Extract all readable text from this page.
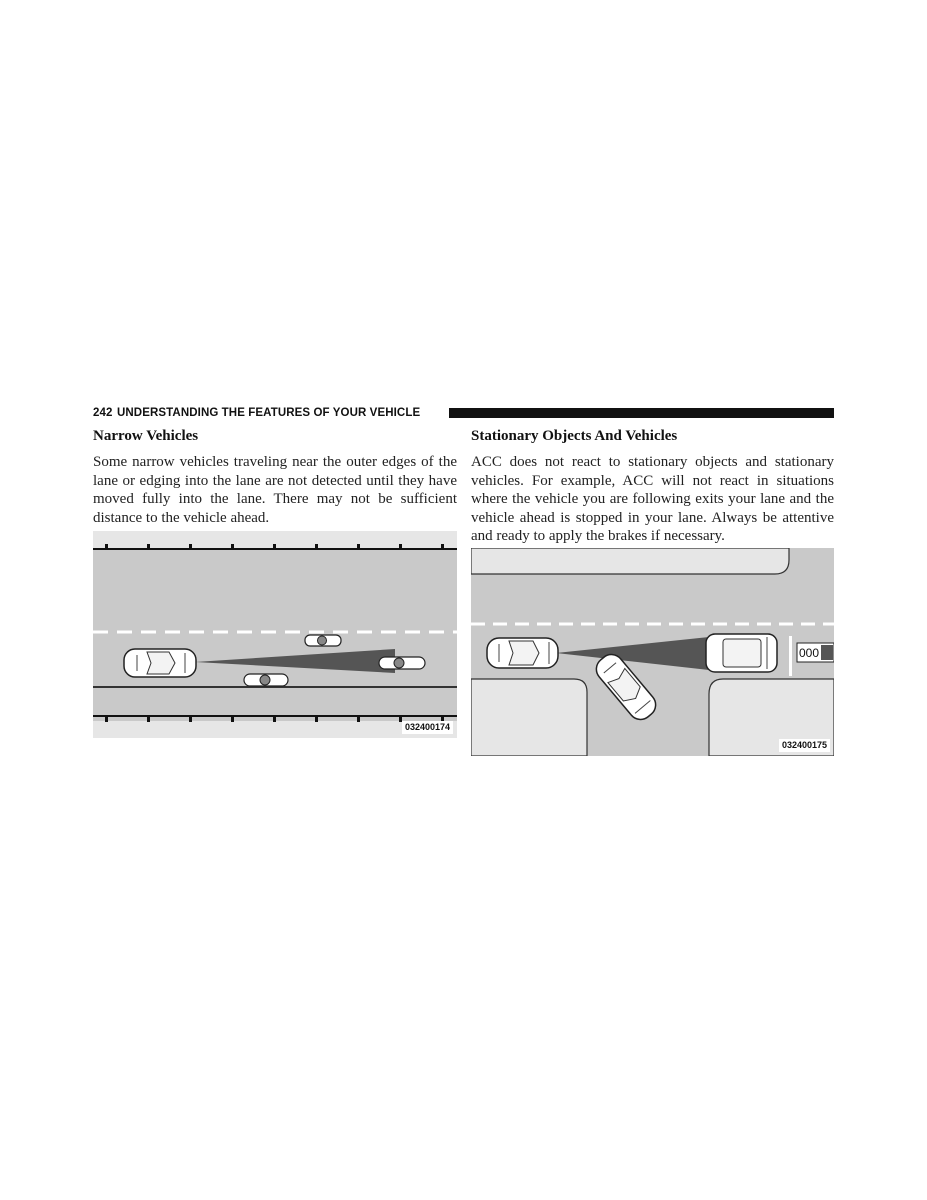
242 UNDERSTANDING THE FEATURES OF YOUR VEHICLE
Narrow Vehicles

Some narrow vehicles traveling near the outer edges of the lane or edging into the lane are not detected until they have moved fully into the lane. There may not be sufficient distance to the vehicle ahead.

032400174
Stationary Objects And Vehicles

ACC does not react to stationary objects and stationary vehicles. For example, ACC will not react in situations where the vehicle you are following exits your lane and the vehicle ahead is stopped in your lane. Always be attentive and ready to apply the brakes if necessary.

000
032400175
